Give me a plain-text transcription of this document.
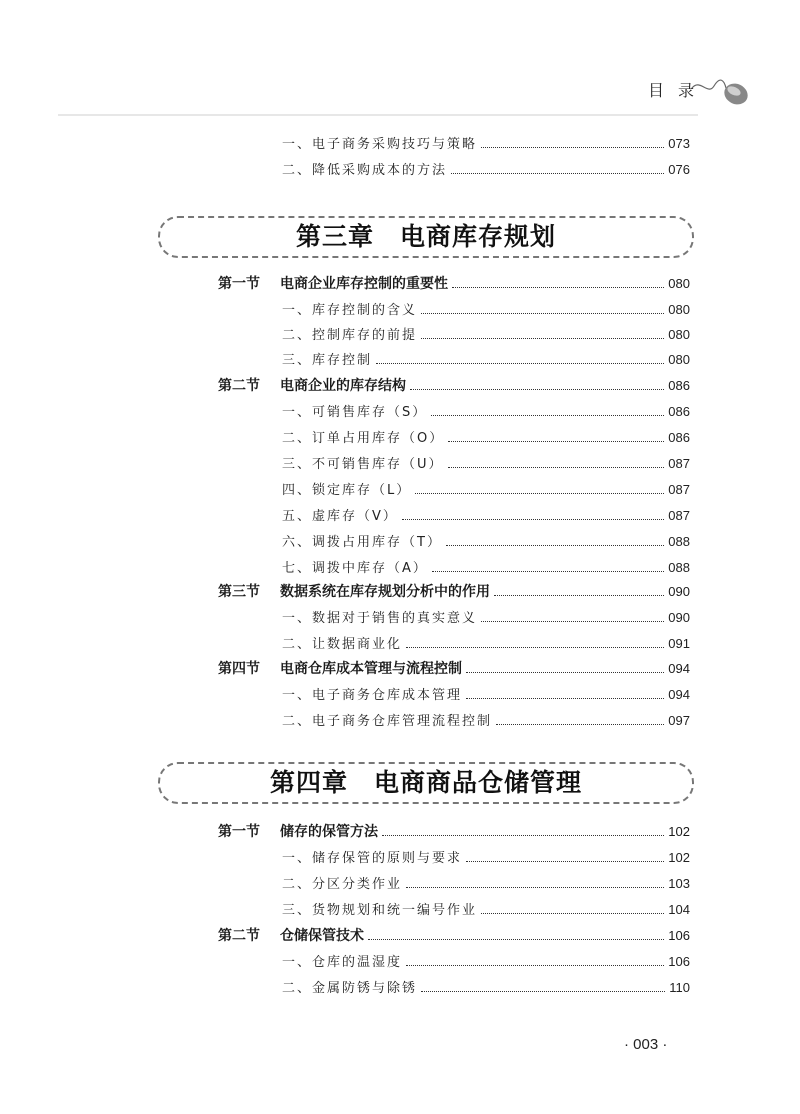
目录
一、电子商务采购技巧与策略	073
二、降低采购成本的方法	076
第三章 电商库存规划
第一节	电商企业库存控制的重要性	080
一、库存控制的含义	080
二、控制库存的前提	080
三、库存控制	080
第二节	电商企业的库存结构	086
一、可销售库存（S）	086
二、订单占用库存（O）	086
三、不可销售库存（U）	087
四、锁定库存（L）	087
五、虚库存（V）	087
六、调拨占用库存（T）	088
七、调拨中库存（A）	088
第三节	数据系统在库存规划分析中的作用	090
一、数据对于销售的真实意义	090
二、让数据商业化	091
第四节	电商仓库成本管理与流程控制	094
一、电子商务仓库成本管理	094
二、电子商务仓库管理流程控制	097
第四章 电商商品仓储管理
第一节	储存的保管方法	102
一、储存保管的原则与要求	102
二、分区分类作业	103
三、货物规划和统一编号作业	104
第二节	仓储保管技术	106
一、仓库的温湿度	106
二、金属防锈与除锈	110
· 003 ·
